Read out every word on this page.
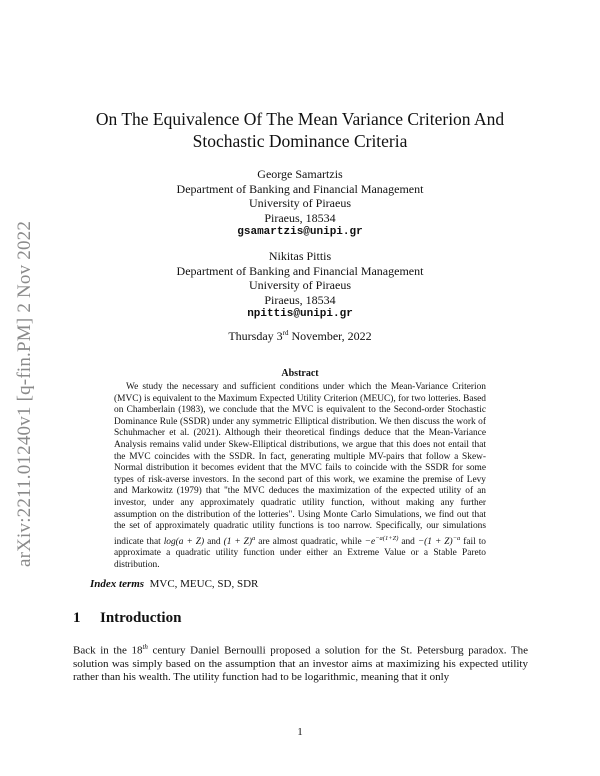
arXiv:2211.01240v1 [q-fin.PM] 2 Nov 2022
On The Equivalence Of The Mean Variance Criterion And
Stochastic Dominance Criteria
George Samartzis
Department of Banking and Financial Management
University of Piraeus
Piraeus, 18534
gsamartzis@unipi.gr
Nikitas Pittis
Department of Banking and Financial Management
University of Piraeus
Piraeus, 18534
npittis@unipi.gr
Thursday 3rd November, 2022
Abstract
We study the necessary and sufficient conditions under which the Mean-Variance Criterion (MVC) is equivalent to the Maximum Expected Utility Criterion (MEUC), for two lotteries. Based on Chamberlain (1983), we conclude that the MVC is equivalent to the Second-order Stochastic Dominance Rule (SSDR) under any symmetric Elliptical distribution. We then discuss the work of Schuhmacher et al. (2021). Although their theoretical findings deduce that the Mean-Variance Analysis remains valid under Skew-Elliptical distributions, we argue that this does not entail that the MVC coincides with the SSDR. In fact, generating multiple MV-pairs that follow a Skew-Normal distribution it becomes evident that the MVC fails to coincide with the SSDR for some types of risk-averse investors. In the second part of this work, we examine the premise of Levy and Markowitz (1979) that "the MVC deduces the maximization of the expected utility of an investor, under any approximately quadratic utility function, without making any further assumption on the distribution of the lotteries". Using Monte Carlo Simulations, we find out that the set of approximately quadratic utility functions is too narrow. Specifically, our simulations indicate that log(a + Z) and $(1 + Z)^a$ are almost quadratic, while $-e^{-a(1+Z)}$ and $-(1 + Z)^{-a}$ fail to approximate a quadratic utility function under either an Extreme Value or a Stable Pareto distribution.
Index terms MVC, MEUC, SD, SDR
1 Introduction
Back in the 18th century Daniel Bernoulli proposed a solution for the St. Petersburg paradox. The solution was simply based on the assumption that an investor aims at maximizing his expected utility rather than his wealth. The utility function had to be logarithmic, meaning that it only
1
